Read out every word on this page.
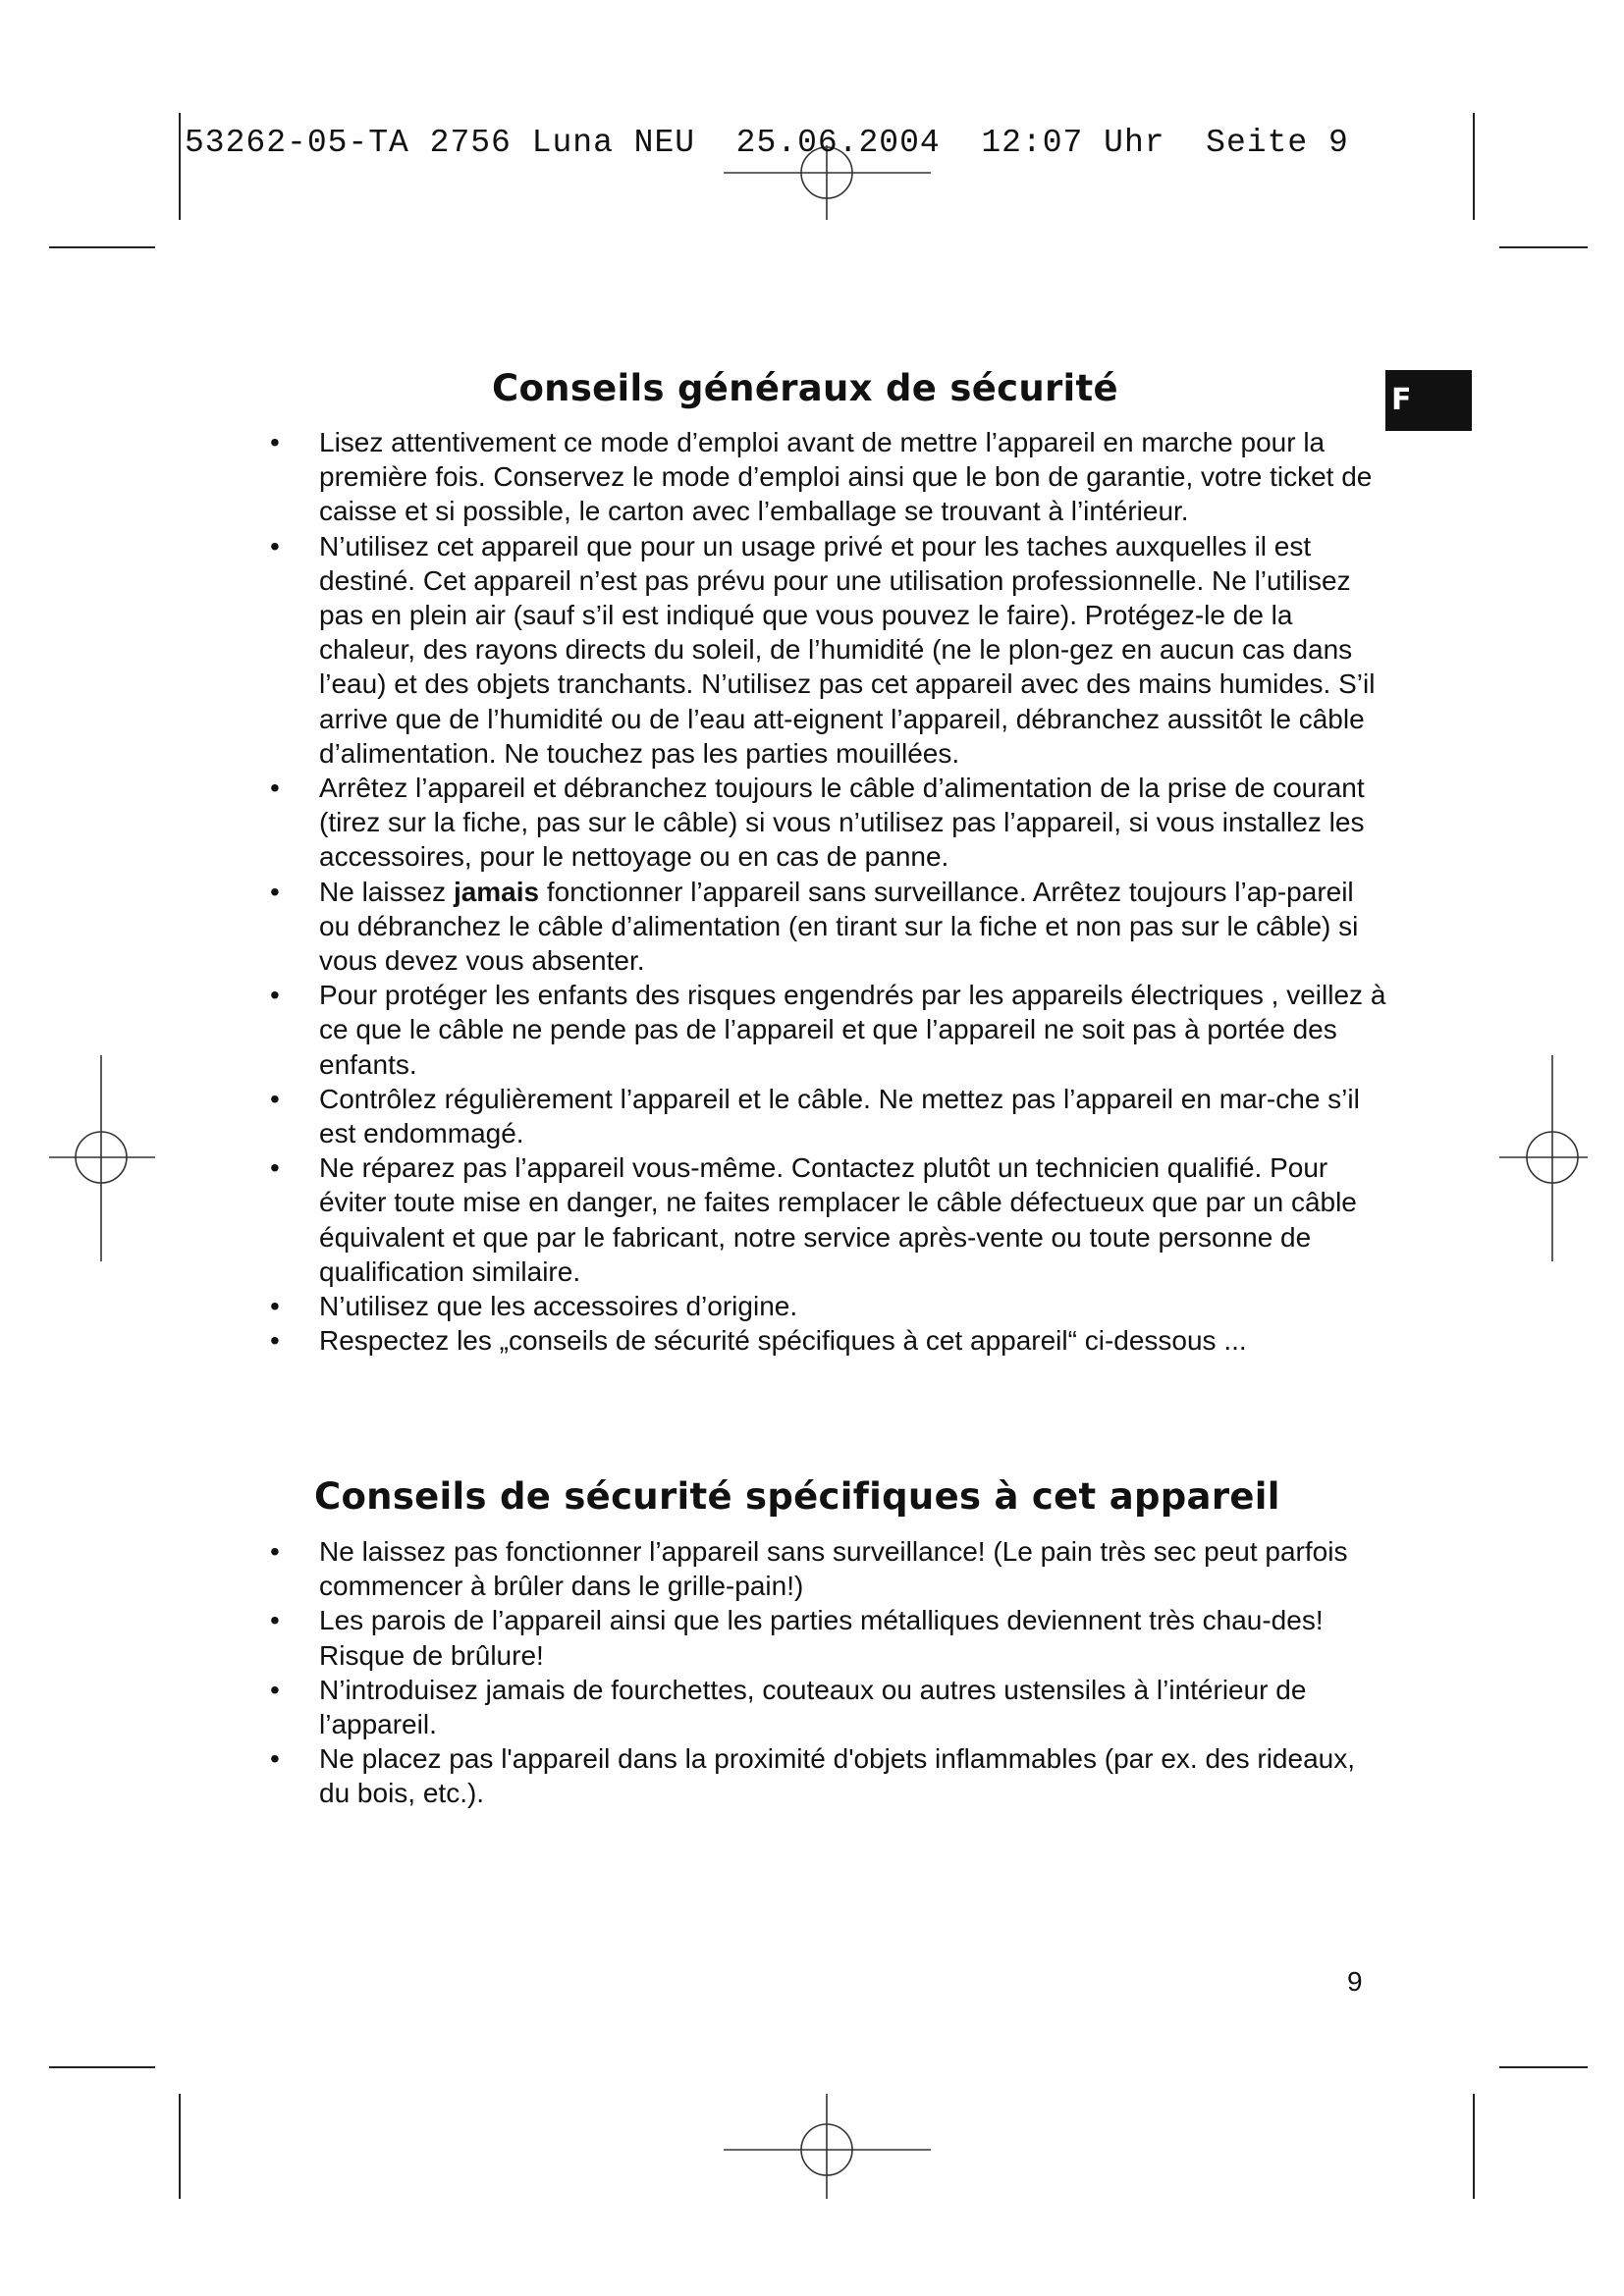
53262-05-TA 2756 Luna NEU  25.06.2004  12:07 Uhr  Seite 9

F
Conseils généraux de sécurité
• Lisez attentivement ce mode d’emploi avant de mettre l’appareil en marche pour la première fois. Conservez le mode d’emploi ainsi que le bon de garantie, votre ticket de caisse et si possible, le carton avec l’emballage se trouvant à l’intérieur.
• N’utilisez cet appareil que pour un usage privé et pour les taches auxquelles il est destiné. Cet appareil n’est pas prévu pour une utilisation professionnelle. Ne l’utilisez pas en plein air (sauf s’il est indiqué que vous pouvez le faire). Protégez-le de la chaleur, des rayons directs du soleil, de l’humidité (ne le plon-gez en aucun cas dans l’eau) et des objets tranchants. N’utilisez pas cet appareil avec des mains humides. S’il arrive que de l’humidité ou de l’eau att-eignent l’appareil, débranchez aussitôt le câble d’alimentation. Ne touchez pas les parties mouillées.
• Arrêtez l’appareil et débranchez toujours le câble d’alimentation de la prise de courant (tirez sur la fiche, pas sur le câble) si vous n’utilisez pas l’appareil, si vous installez les accessoires, pour le nettoyage ou en cas de panne.
• Ne laissez jamais fonctionner l’appareil sans surveillance. Arrêtez toujours l’ap-pareil ou débranchez le câble d’alimentation (en tirant sur la fiche et non pas sur le câble) si vous devez vous absenter.
• Pour protéger les enfants des risques engendrés par les appareils électriques , veillez à ce que le câble ne pende pas de l’appareil et que l’appareil ne soit pas à portée des enfants.
• Contrôlez régulièrement l’appareil et le câble. Ne mettez pas l’appareil en mar-che s’il est endommagé.
• Ne réparez pas l’appareil vous-même. Contactez plutôt un technicien qualifié. Pour éviter toute mise en danger, ne faites remplacer le câble défectueux que par un câble équivalent et que par le fabricant, notre service après-vente ou toute personne de qualification similaire.
• N’utilisez que les accessoires d’origine.
• Respectez les „conseils de sécurité spécifiques à cet appareil“ ci-dessous ...
Conseils de sécurité spécifiques à cet appareil
• Ne laissez pas fonctionner l’appareil sans surveillance! (Le pain très sec peut parfois commencer à brûler dans le grille-pain!)
• Les parois de l’appareil ainsi que les parties métalliques deviennent très chau-des! Risque de brûlure!
• N’introduisez jamais de fourchettes, couteaux ou autres ustensiles à l’intérieur de l’appareil.
• Ne placez pas l'appareil dans la proximité d'objets inflammables (par ex. des rideaux, du bois, etc.).

9
